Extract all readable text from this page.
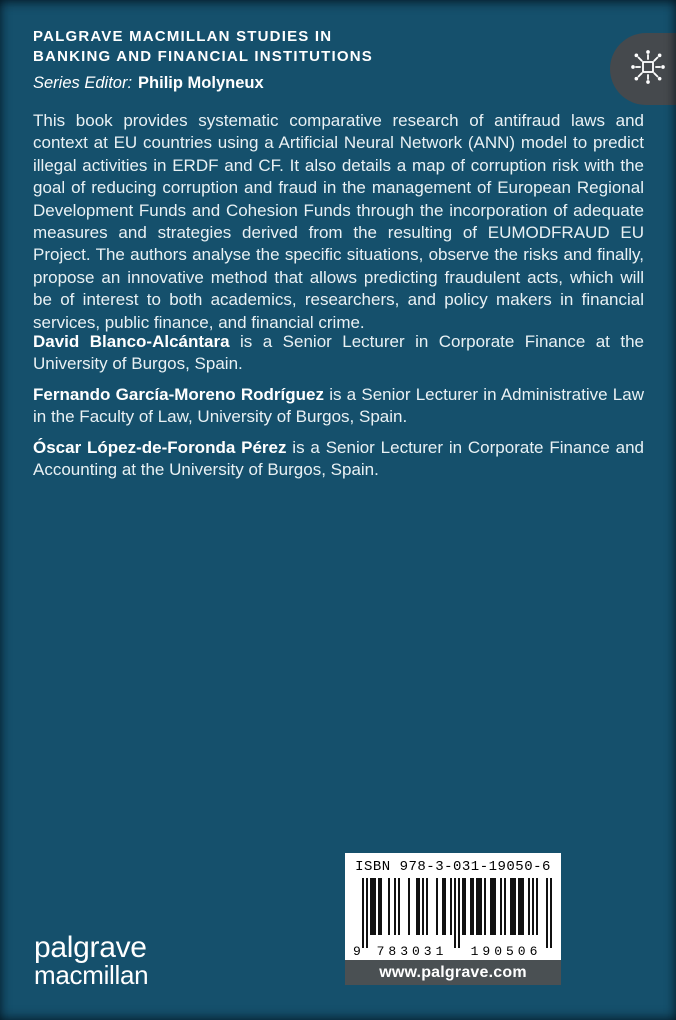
PALGRAVE MACMILLAN STUDIES IN
BANKING AND FINANCIAL INSTITUTIONS
Series Editor: Philip Molyneux
This book provides systematic comparative research of antifraud laws and context at EU countries using a Artificial Neural Network (ANN) model to predict illegal activities in ERDF and CF. It also details a map of corruption risk with the goal of reducing corruption and fraud in the management of European Regional Development Funds and Cohesion Funds through the incorporation of adequate measures and strategies derived from the resulting of EUMODFRAUD EU Project. The authors analyse the specific situations, observe the risks and finally, propose an innovative method that allows predicting fraudulent acts, which will be of interest to both academics, researchers, and policy makers in financial services, public finance, and financial crime.

David Blanco-Alcántara is a Senior Lecturer in Corporate Finance at the University of Burgos, Spain.

Fernando García-Moreno Rodríguez is a Senior Lecturer in Administrative Law in the Faculty of Law, University of Burgos, Spain.

Óscar López-de-Foronda Pérez is a Senior Lecturer in Corporate Finance and Accounting at the University of Burgos, Spain.

palgrave
macmillan
ISBN 978-3-031-19050-6
9	783031	190506
www.palgrave.com
